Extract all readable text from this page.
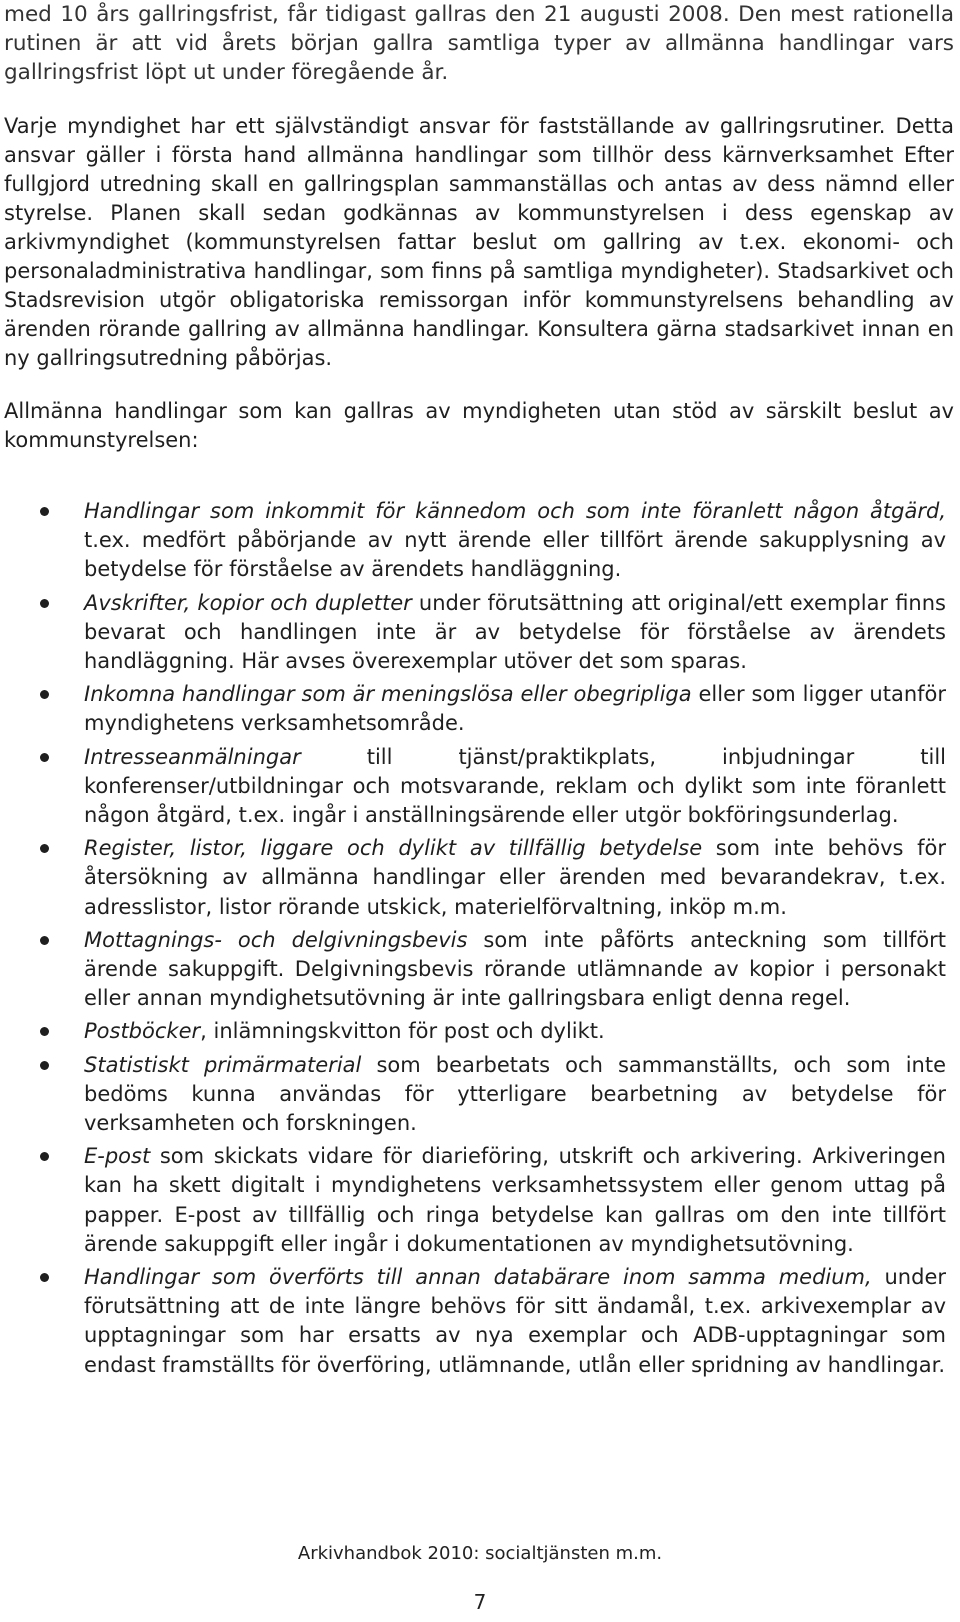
med 10 års gallringsfrist, får tidigast gallras den 21 augusti 2008. Den mest rationella rutinen är att vid årets början gallra samtliga typer av allmänna handlingar vars gallringsfrist löpt ut under föregående år.

Varje myndighet har ett självständigt ansvar för fastställande av gallringsrutiner. Detta ansvar gäller i första hand allmänna handlingar som tillhör dess kärnverksamhet Efter fullgjord utredning skall en gallringsplan sammanställas och antas av dess nämnd eller styrelse. Planen skall sedan godkännas av kommunstyrelsen i dess egenskap av arkivmyndighet (kommunstyrelsen fattar beslut om gallring av t.ex. ekonomi- och personaladministrativa handlingar, som finns på samtliga myndigheter). Stadsarkivet och Stadsrevision utgör obligatoriska remissorgan inför kommunstyrelsens behandling av ärenden rörande gallring av allmänna handlingar. Konsultera gärna stadsarkivet innan en ny gallringsutredning påbörjas.

Allmänna handlingar som kan gallras av myndigheten utan stöd av särskilt beslut av kommunstyrelsen:

Handlingar som inkommit för kännedom och som inte föranlett någon åtgärd, t.ex. medfört påbörjande av nytt ärende eller tillfört ärende sakupplysning av betydelse för förståelse av ärendets handläggning.
Avskrifter, kopior och dupletter under förutsättning att original/ett exemplar finns bevarat och handlingen inte är av betydelse för förståelse av ärendets handläggning. Här avses överexemplar utöver det som sparas.
Inkomna handlingar som är meningslösa eller obegripliga eller som ligger utanför myndighetens verksamhetsområde.
Intresseanmälningar till tjänst/praktikplats, inbjudningar till konferenser/utbildningar och motsvarande, reklam och dylikt som inte föranlett någon åtgärd, t.ex. ingår i anställningsärende eller utgör bokföringsunderlag.
Register, listor, liggare och dylikt av tillfällig betydelse som inte behövs för återsökning av allmänna handlingar eller ärenden med bevarandekrav, t.ex. adresslistor, listor rörande utskick, materielförvaltning, inköp m.m.
Mottagnings- och delgivningsbevis som inte påförts anteckning som tillfört ärende sakuppgift. Delgivningsbevis rörande utlämnande av kopior i personakt eller annan myndighetsutövning är inte gallringsbara enligt denna regel.
Postböcker, inlämningskvitton för post och dylikt.
Statistiskt primärmaterial som bearbetats och sammanställts, och som inte bedöms kunna användas för ytterligare bearbetning av betydelse för verksamheten och forskningen.
E-post som skickats vidare för diarieföring, utskrift och arkivering. Arkiveringen kan ha skett digitalt i myndighetens verksamhetssystem eller genom uttag på papper. E-post av tillfällig och ringa betydelse kan gallras om den inte tillfört ärende sakuppgift eller ingår i dokumentationen av myndighetsutövning.
Handlingar som överförts till annan databärare inom samma medium, under förutsättning att de inte längre behövs för sitt ändamål, t.ex. arkivexemplar av upptagningar som har ersatts av nya exemplar och ADB-upptagningar som endast framställts för överföring, utlämnande, utlån eller spridning av handlingar.
Arkivhandbok 2010: socialtjänsten m.m.
7
